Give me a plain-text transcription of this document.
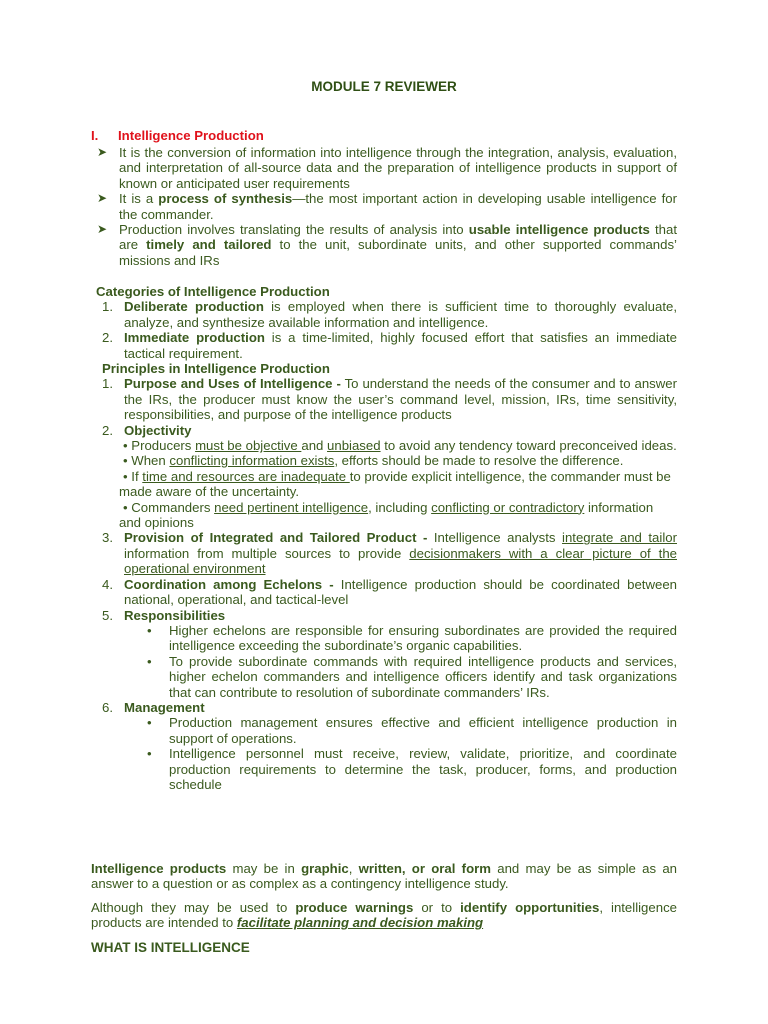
MODULE 7 REVIEWER
I. Intelligence Production

➤ It is the conversion of information into intelligence through the integration, analysis, evaluation, and interpretation of all-source data and the preparation of intelligence products in support of known or anticipated user requirements

➤ It is a process of synthesis—the most important action in developing usable intelligence for the commander.

➤ Production involves translating the results of analysis into usable intelligence products that are timely and tailored to the unit, subordinate units, and other supported commands’ missions and IRs

Categories of Intelligence Production

1. Deliberate production is employed when there is sufficient time to thoroughly evaluate, analyze, and synthesize available information and intelligence.

2. Immediate production is a time-limited, highly focused effort that satisfies an immediate tactical requirement.

Principles in Intelligence Production

1. Purpose and Uses of Intelligence - To understand the needs of the consumer and to answer the IRs, the producer must know the user’s command level, mission, IRs, time sensitivity, responsibilities, and purpose of the intelligence products

2. Objectivity

• Producers must be objective and unbiased to avoid any tendency toward preconceived ideas.

• When conflicting information exists, efforts should be made to resolve the difference.

• If time and resources are inadequate to provide explicit intelligence, the commander must be made aware of the uncertainty.

• Commanders need pertinent intelligence, including conflicting or contradictory information and opinions

3. Provision of Integrated and Tailored Product - Intelligence analysts integrate and tailor information from multiple sources to provide decisionmakers with a clear picture of the operational environment

4. Coordination among Echelons - Intelligence production should be coordinated between national, operational, and tactical-level

5. Responsibilities

• Higher echelons are responsible for ensuring subordinates are provided the required intelligence exceeding the subordinate’s organic capabilities.

• To provide subordinate commands with required intelligence products and services, higher echelon commanders and intelligence officers identify and task organizations that can contribute to resolution of subordinate commanders’ IRs.

6. Management

• Production management ensures effective and efficient intelligence production in support of operations.

• Intelligence personnel must receive, review, validate, prioritize, and coordinate production requirements to determine the task, producer, forms, and production schedule

Intelligence products may be in graphic, written, or oral form and may be as simple as an answer to a question or as complex as a contingency intelligence study.

Although they may be used to produce warnings or to identify opportunities, intelligence products are intended to facilitate planning and decision making

WHAT IS INTELLIGENCE
